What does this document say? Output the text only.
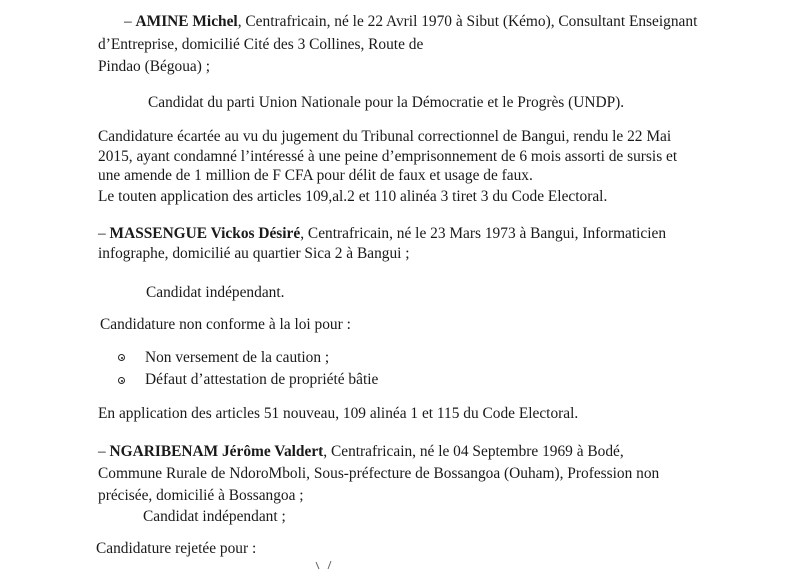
– AMINE Michel, Centrafricain, né le 22 Avril 1970 à Sibut (Kémo), Consultant Enseignant
d’Entreprise, domicilié Cité des 3 Collines, Route de
Pindao (Bégoua) ;
Candidat du parti Union Nationale pour la Démocratie et le Progrès (UNDP).
Candidature écartée au vu du jugement du Tribunal correctionnel de Bangui, rendu le 22 Mai
2015, ayant condamné l’intéressé à une peine d’emprisonnement de 6 mois assorti de sursis et
une amende de 1 million de F CFA pour délit de faux et usage de faux.
Le touten application des articles 109,al.2 et 110 alinéa 3 tiret 3 du Code Electoral.
– MASSENGUE Vickos Désiré, Centrafricain, né le 23 Mars 1973 à Bangui, Informaticien
infographe, domicilié au quartier Sica 2 à Bangui ;
Candidat indépendant.
Candidature non conforme à la loi pour :
Non versement de la caution ;
Défaut d’attestation de propriété bâtie
En application des articles 51 nouveau, 109 alinéa 1 et 115 du Code Electoral.
– NGARIBENAM Jérôme Valdert, Centrafricain, né le 04 Septembre 1969 à Bodé,
Commune Rurale de NdoroMboli, Sous-préfecture de Bossangoa (Ouham), Profession non
précisée, domicilié à Bossangoa ;
Candidat indépendant ;
Candidature rejetée pour :
